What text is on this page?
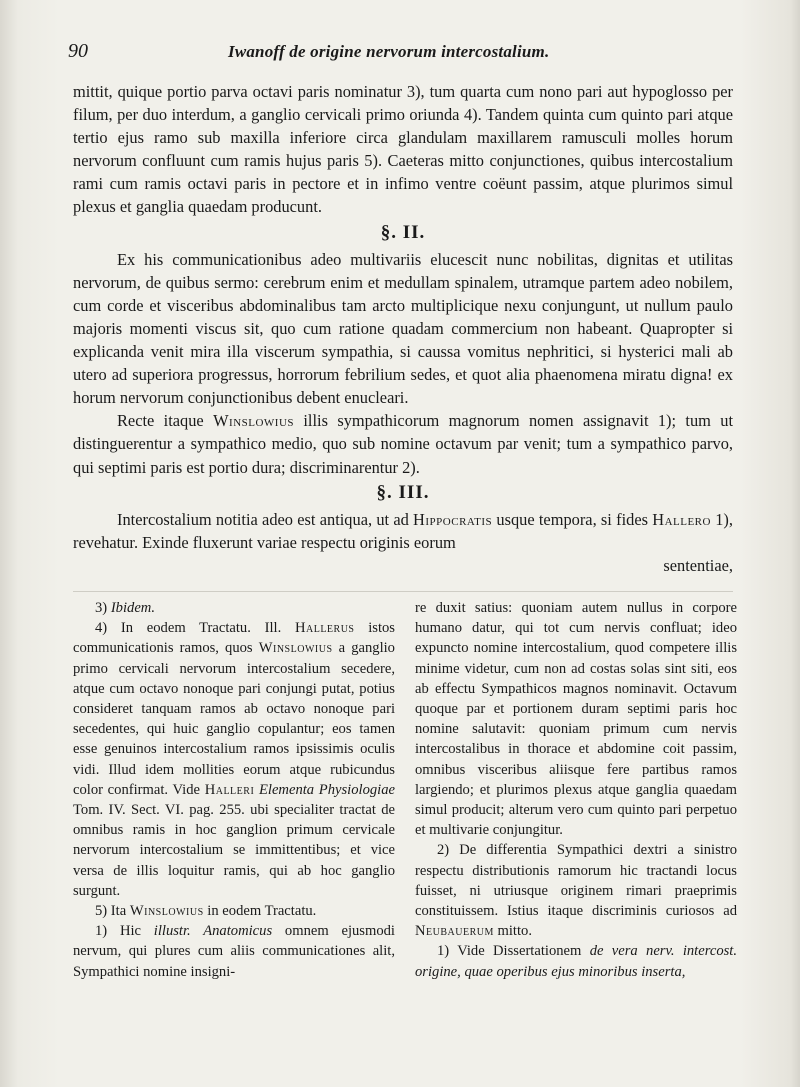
90	Iwanoff de origine nervorum intercostalium.

mittit, quique portio parva octavi paris nominatur 3), tum quarta cum nono pari aut hypoglosso per filum, per duo interdum, a ganglio cervicali primo oriunda 4). Tandem quinta cum quinto pari atque tertio ejus ramo sub maxilla inferiore circa glandulam maxillarem ramusculi molles horum nervorum confluunt cum ramis hujus paris 5). Caeteras mitto conjunctiones, quibus intercostalium rami cum ramis octavi paris in pectore et in infimo ventre coëunt passim, atque plurimos simul plexus et ganglia quaedam producunt.

§. II.

Ex his communicationibus adeo multivariis elucescit nunc nobilitas, dignitas et utilitas nervorum, de quibus sermo: cerebrum enim et medullam spinalem, utramque partem adeo nobilem, cum corde et visceribus abdominalibus tam arcto multiplicique nexu conjungunt, ut nullum paulo majoris momenti viscus sit, quo cum ratione quadam commercium non habeant. Quapropter si explicanda venit mira illa viscerum sympathia, si caussa vomitus nephritici, si hysterici mali ab utero ad superiora progressus, horrorum febrilium sedes, et quot alia phaenomena miratu digna! ex horum nervorum conjunctionibus debent enucleari.

Recte itaque Winslowius illis sympathicorum magnorum nomen assignavit 1); tum ut distinguerentur a sympathico medio, quo sub nomine octavum par venit; tum a sympathico parvo, qui septimi paris est portio dura; discriminarentur 2).

§. III.

Intercostalium notitia adeo est antiqua, ut ad Hippocratis usque tempora, si fides Hallero 1), revehatur. Exinde fluxerunt variae respectu originis eorum

sententiae,

3) Ibidem.

4) In eodem Tractatu. Ill. Hallerus istos communicationis ramos, quos Winslowius a ganglio primo cervicali nervorum intercostalium secedere, atque cum octavo nonoque pari conjungi putat, potius consideret tanquam ramos ab octavo nonoque pari secedentes, qui huic ganglio copulantur; eos tamen esse genuinos intercostalium ramos ipsissimis oculis vidi. Illud idem mollities eorum atque rubicundus color confirmat. Vide Halleri Elementa Physiologiae Tom. IV. Sect. VI. pag. 255. ubi specialiter tractat de omnibus ramis in hoc ganglion primum cervicale nervorum intercostalium se immittentibus; et vice versa de illis loquitur ramis, qui ab hoc ganglio surgunt.

5) Ita Winslowius in eodem Tractatu.

1) Hic illustr. Anatomicus omnem ejusmodi nervum, qui plures cum aliis communicationes alit, Sympathici nomine insigni-

re duxit satius: quoniam autem nullus in corpore humano datur, qui tot cum nervis confluat; ideo expuncto nomine intercostalium, quod competere illis minime videtur, cum non ad costas solas sint siti, eos ab effectu Sympathicos magnos nominavit. Octavum quoque par et portionem duram septimi paris hoc nomine salutavit: quoniam primum cum nervis intercostalibus in thorace et abdomine coit passim, omnibus visceribus aliisque fere partibus ramos largiendo; et plurimos plexus atque ganglia quaedam simul producit; alterum vero cum quinto pari perpetuo et multivarie conjungitur.

2) De differentia Sympathici dextri a sinistro respectu distributionis ramorum hic tractandi locus fuisset, ni utriusque originem rimari praeprimis constituissem. Istius itaque discriminis curiosos ad Neubauerum mitto.

1) Vide Dissertationem de vera nerv. intercost. origine, quae operibus ejus minoribus inserta,
